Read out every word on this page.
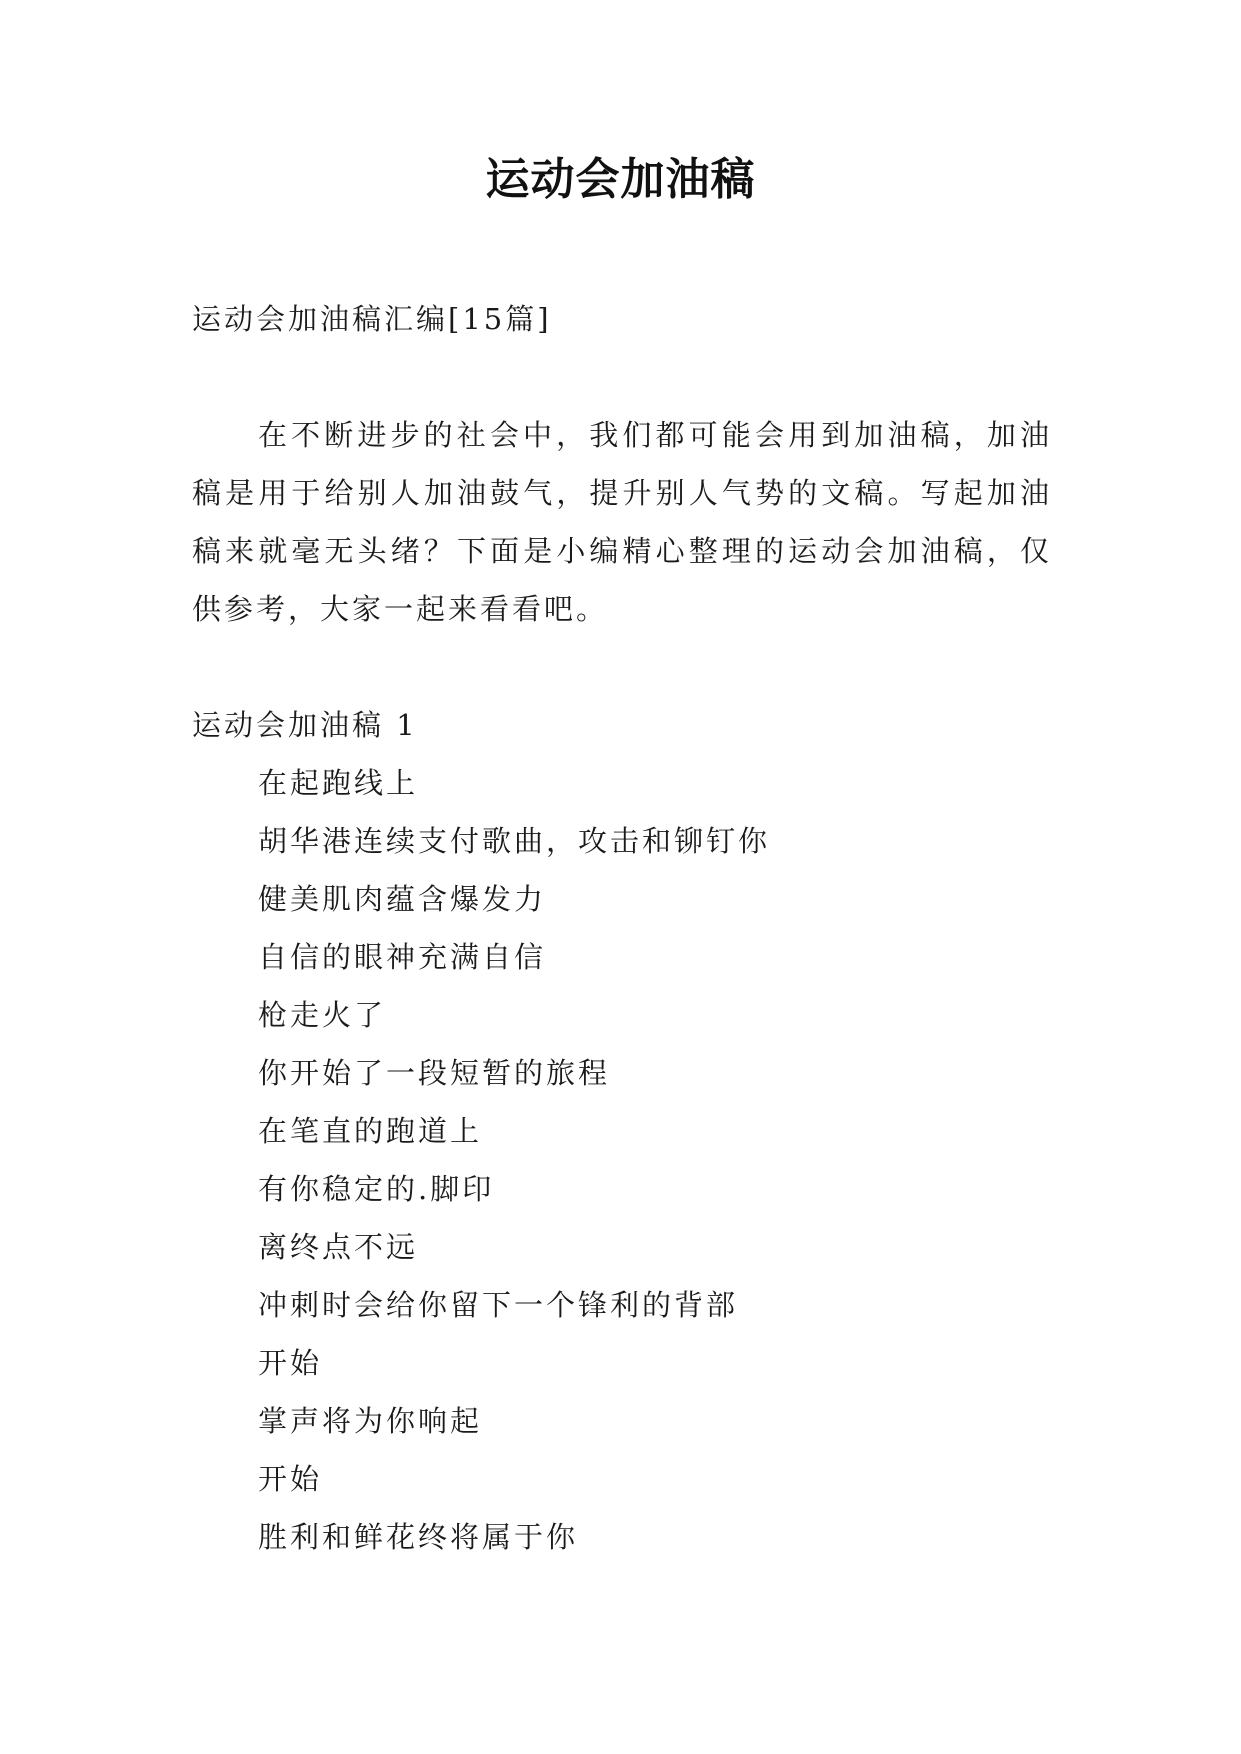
运动会加油稿

运动会加油稿汇编[15篇]

在不断进步的社会中，我们都可能会用到加油稿，加油稿是用于给别人加油鼓气，提升别人气势的文稿。写起加油稿来就毫无头绪？下面是小编精心整理的运动会加油稿，仅供参考，大家一起来看看吧。

运动会加油稿 1

在起跑线上
胡华港连续支付歌曲，攻击和铆钉你
健美肌肉蕴含爆发力
自信的眼神充满自信
枪走火了
你开始了一段短暂的旅程
在笔直的跑道上
有你稳定的.脚印
离终点不远
冲刺时会给你留下一个锋利的背部
开始
掌声将为你响起
开始
胜利和鲜花终将属于你
